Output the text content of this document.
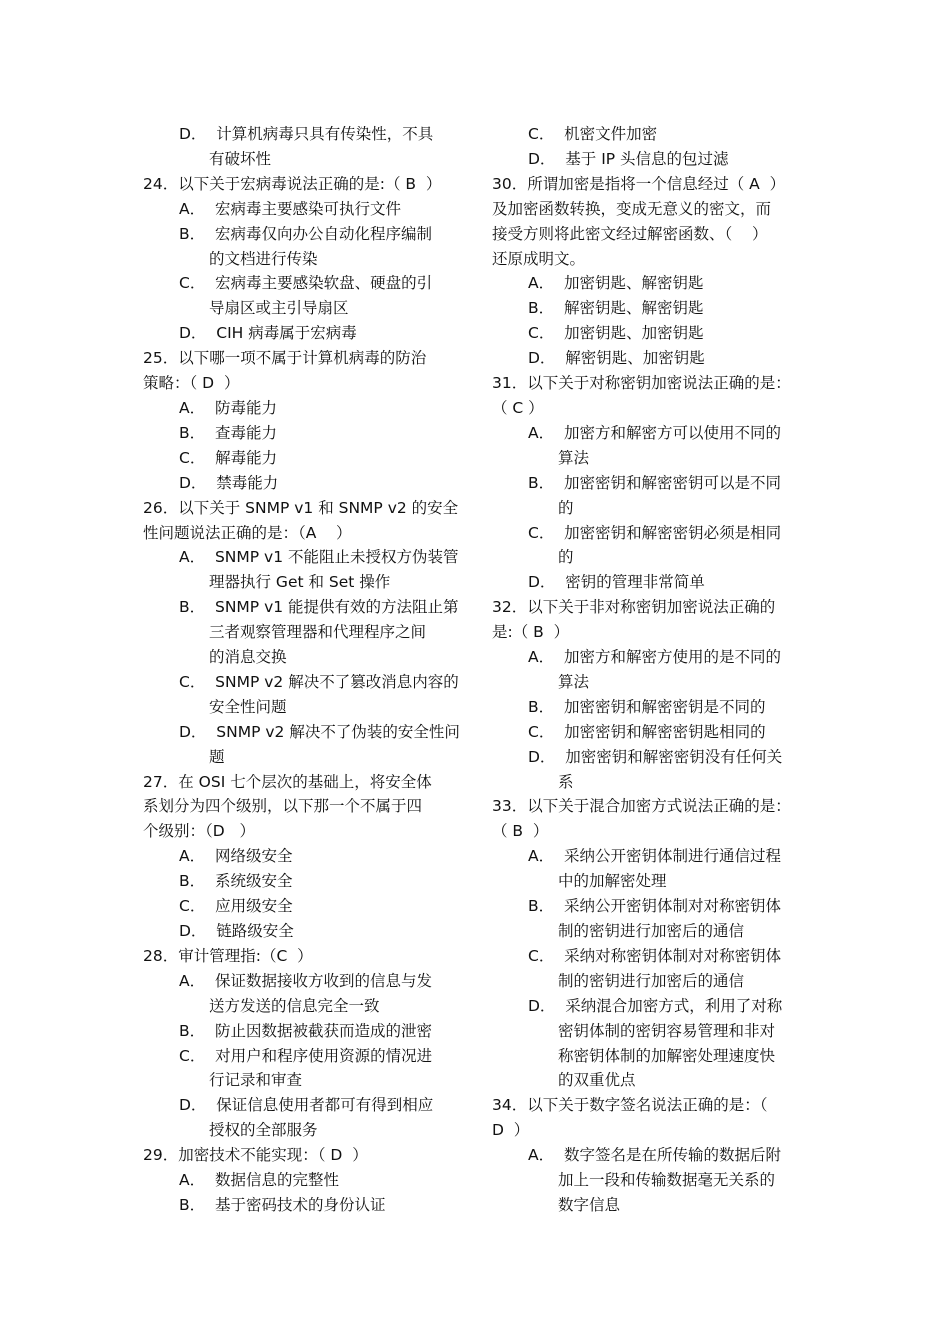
D．  计算机病毒只具有传染性，不具
有破坏性
24．以下关于宏病毒说法正确的是:（ B  ）
A．  宏病毒主要感染可执行文件
B．  宏病毒仅向办公自动化程序编制
的文档进行传染
C．  宏病毒主要感染软盘、硬盘的引
导扇区或主引导扇区
D．  CIH 病毒属于宏病毒
25．以下哪一项不属于计算机病毒的防治
策略：（ D  ）
A．  防毒能力
B．  查毒能力
C．  解毒能力
D．  禁毒能力
26．以下关于 SNMP v1 和 SNMP v2 的安全
性问题说法正确的是：（A    ）
A．  SNMP v1 不能阻止未授权方伪装管
理器执行 Get 和 Set 操作
B．  SNMP v1 能提供有效的方法阻止第
三者观察管理器和代理程序之间
的消息交换
C．  SNMP v2 解决不了篡改消息内容的
安全性问题
D．  SNMP v2 解决不了伪装的安全性问
题
27．在 OSI 七个层次的基础上，将安全体
系划分为四个级别，以下那一个不属于四
个级别：（D   ）
A．  网络级安全
B．  系统级安全
C．  应用级安全
D．  链路级安全
28．审计管理指:（C  ）
A．  保证数据接收方收到的信息与发
送方发送的信息完全一致
B．  防止因数据被截获而造成的泄密
C．  对用户和程序使用资源的情况进
行记录和审查
D．  保证信息使用者都可有得到相应
授权的全部服务
29．加密技术不能实现：（ D  ）
A．  数据信息的完整性
B．  基于密码技术的身份认证
C．  机密文件加密
D．  基于 IP 头信息的包过滤
30．所谓加密是指将一个信息经过（ A  ）
及加密函数转换，变成无意义的密文，而
接受方则将此密文经过解密函数、（    ）
还原成明文。
A．  加密钥匙、解密钥匙
B．  解密钥匙、解密钥匙
C．  加密钥匙、加密钥匙
D．  解密钥匙、加密钥匙
31．以下关于对称密钥加密说法正确的是：
（ C ）
A．  加密方和解密方可以使用不同的
算法
B．  加密密钥和解密密钥可以是不同
的
C．  加密密钥和解密密钥必须是相同
的
D．  密钥的管理非常简单
32．以下关于非对称密钥加密说法正确的
是:（ B  ）
A．  加密方和解密方使用的是不同的
算法
B．  加密密钥和解密密钥是不同的
C．  加密密钥和解密密钥匙相同的
D．  加密密钥和解密密钥没有任何关
系
33．以下关于混合加密方式说法正确的是：
（ B  ）
A．  采纳公开密钥体制进行通信过程
中的加解密处理
B．  采纳公开密钥体制对对称密钥体
制的密钥进行加密后的通信
C．  采纳对称密钥体制对对称密钥体
制的密钥进行加密后的通信
D．  采纳混合加密方式，利用了对称
密钥体制的密钥容易管理和非对
称密钥体制的加解密处理速度快
的双重优点
34．以下关于数字签名说法正确的是：（
D  ）
A．  数字签名是在所传输的数据后附
加上一段和传输数据毫无关系的
数字信息
